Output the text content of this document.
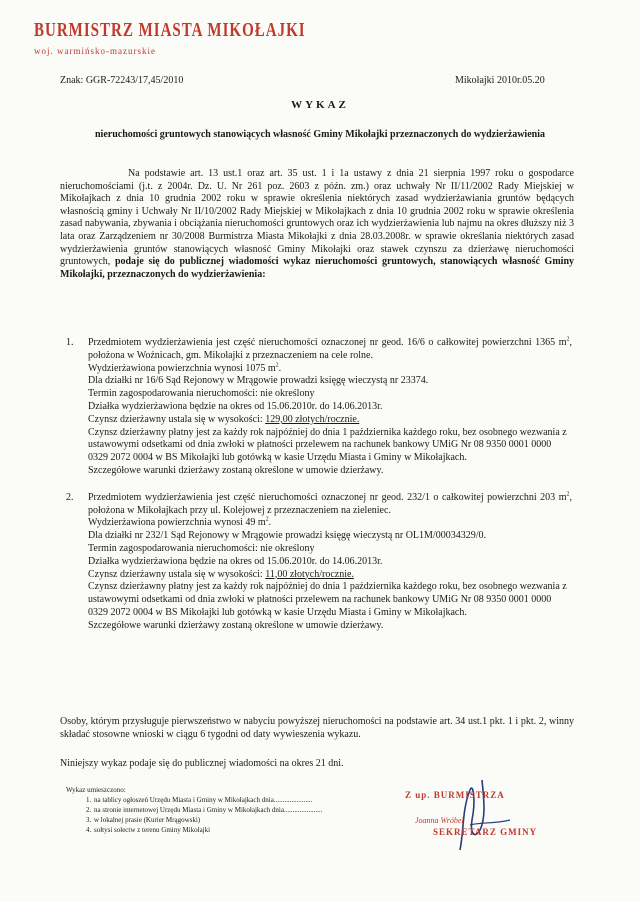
BURMISTRZ MIASTA MIKOŁAJKI
woj. warmińsko-mazurskie
Znak: GGR-72243/17,45/2010	Mikołajki 2010r.05.20
WYKAZ
nieruchomości gruntowych stanowiących własność Gminy Mikołajki przeznaczonych do wydzierżawienia
Na podstawie art. 13 ust.1 oraz art. 35 ust. 1 i 1a ustawy z dnia 21 sierpnia 1997 roku o gospodarce nieruchomościami (j.t. z 2004r. Dz. U. Nr 261 poz. 2603 z późn. zm.) oraz uchwały Nr II/11/2002 Rady Miejskiej w Mikołajkach z dnia 10 grudnia 2002 roku w sprawie określenia niektórych zasad wydzierżawiania gruntów będących własnością gminy i Uchwały Nr II/10/2002 Rady Miejskiej w Mikołajkach z dnia 10 grudnia 2002 roku w sprawie określenia zasad nabywania, zbywania i obciążania nieruchomości gruntowych oraz ich wydzierżawienia lub najmu na okres dłuższy niż 3 lata oraz Zarządzeniem nr 30/2008 Burmistrza Miasta Mikołajki z dnia 28.03.2008r. w sprawie określania niektórych zasad wydzierżawienia gruntów stanowiących własność Gminy Mikołajki oraz stawek czynszu za dzierżawę nieruchomości gruntowych, podaje się do publicznej wiadomości wykaz nieruchomości gruntowych, stanowiących własność Gminy Mikołajki, przeznaczonych do wydzierżawienia:
1. Przedmiotem wydzierżawienia jest część nieruchomości oznaczonej nr geod. 16/6 o całkowitej powierzchni 1365 $m^2$, położona w Woźnicach, gm. Mikołajki z przeznaczeniem na cele rolne.

Wydzierżawiona powierzchnia wynosi 1075 $m^2$.

Dla działki nr 16/6 Sąd Rejonowy w Mrągowie prowadzi księgę wieczystą nr 23374.

Termin zagospodarowania nieruchomości: nie określony

Działka wydzierżawiona będzie na okres od 15.06.2010r. do 14.06.2013r.

Czynsz dzierżawny ustala się w wysokości: 129,00 złotych/rocznie.

Czynsz dzierżawny płatny jest za każdy rok najpóźniej do dnia 1 października każdego roku, bez osobnego wezwania z ustawowymi odsetkami od dnia zwłoki w płatności przelewem na rachunek bankowy UMiG Nr 08 9350 0001 0000 0329 2072 0004 w BS Mikołajki lub gotówką w kasie Urzędu Miasta i Gminy w Mikołajkach.

Szczegółowe warunki dzierżawy zostaną określone w umowie dzierżawy.

2. Przedmiotem wydzierżawienia jest część nieruchomości oznaczonej nr geod. 232/1 o całkowitej powierzchni 203 $m^2$, położona w Mikołajkach przy ul. Kolejowej z przeznaczeniem na zieleniec.

Wydzierżawiona powierzchnia wynosi 49 $m^2$.

Dla działki nr 232/1 Sąd Rejonowy w Mrągowie prowadzi księgę wieczystą nr OL1M/00034329/0.

Termin zagospodarowania nieruchomości: nie określony

Działka wydzierżawiona będzie na okres od 15.06.2010r. do 14.06.2013r.

Czynsz dzierżawny ustala się w wysokości: 11,00 złotych/rocznie.

Czynsz dzierżawny płatny jest za każdy rok najpóźniej do dnia 1 października każdego roku, bez osobnego wezwania z ustawowymi odsetkami od dnia zwłoki w płatności przelewem na rachunek bankowy UMiG Nr 08 9350 0001 0000 0329 2072 0004 w BS Mikołajki lub gotówką w kasie Urzędu Miasta i Gminy w Mikołajkach.

Szczegółowe warunki dzierżawy zostaną określone w umowie dzierżawy.

Osoby, którym przysługuje pierwszeństwo w nabyciu powyższej nieruchomości na podstawie art. 34 ust.1 pkt. 1 i pkt. 2, winny składać stosowne wnioski w ciągu 6 tygodni od daty wywieszenia wykazu.
Niniejszy wykaz podaje się do publicznej wiadomości na okres 21 dni.
Wykaz umieszczono:
1. na tablicy ogłoszeń Urzędu Miasta i Gminy w Mikołajkach dnia......................
2. na stronie internetowej Urzędu Miasta i Gminy w Mikołajkach dnia......................
3. w lokalnej prasie (Kurier Mrągowski)
4. sołtysi sołectw z terenu Gminy Mikołajki
Z up. BURMISTRZA
Joanna Wróbel
SEKRETARZ GMINY
